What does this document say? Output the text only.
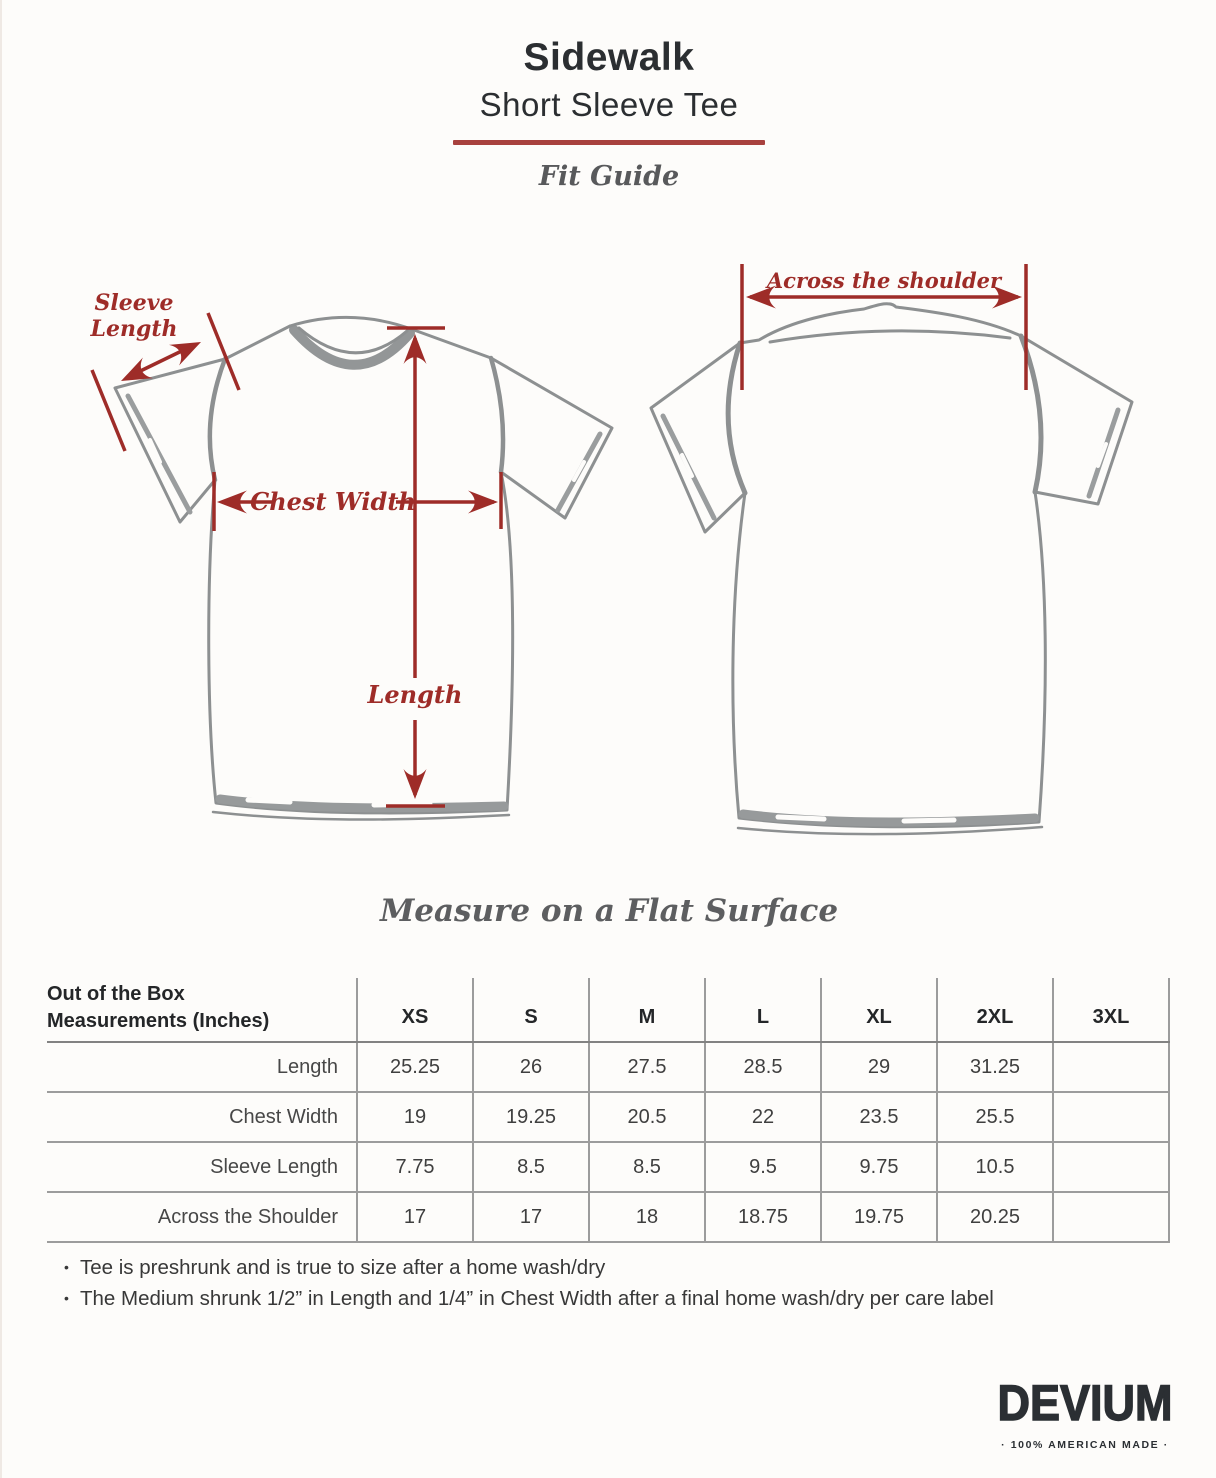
Sidewalk
Short Sleeve Tee
Fit Guide
Sleeve
Length
Chest Width
Length
Across the shoulder
Measure on a Flat Surface
Out of the Box
Measurements (Inches)	XS	S	M	L	XL	2XL	3XL
Length	25.25	26	27.5	28.5	29	31.25	
Chest Width	19	19.25	20.5	22	23.5	25.5	
Sleeve Length	7.75	8.5	8.5	9.5	9.75	10.5	
Across the Shoulder	17	17	18	18.75	19.75	20.25	
• Tee is preshrunk and is true to size after a home wash/dry
• The Medium shrunk 1/2” in Length and 1/4” in Chest Width after a final home wash/dry per care label
DEVIUM
· 100% AMERICAN MADE ·
